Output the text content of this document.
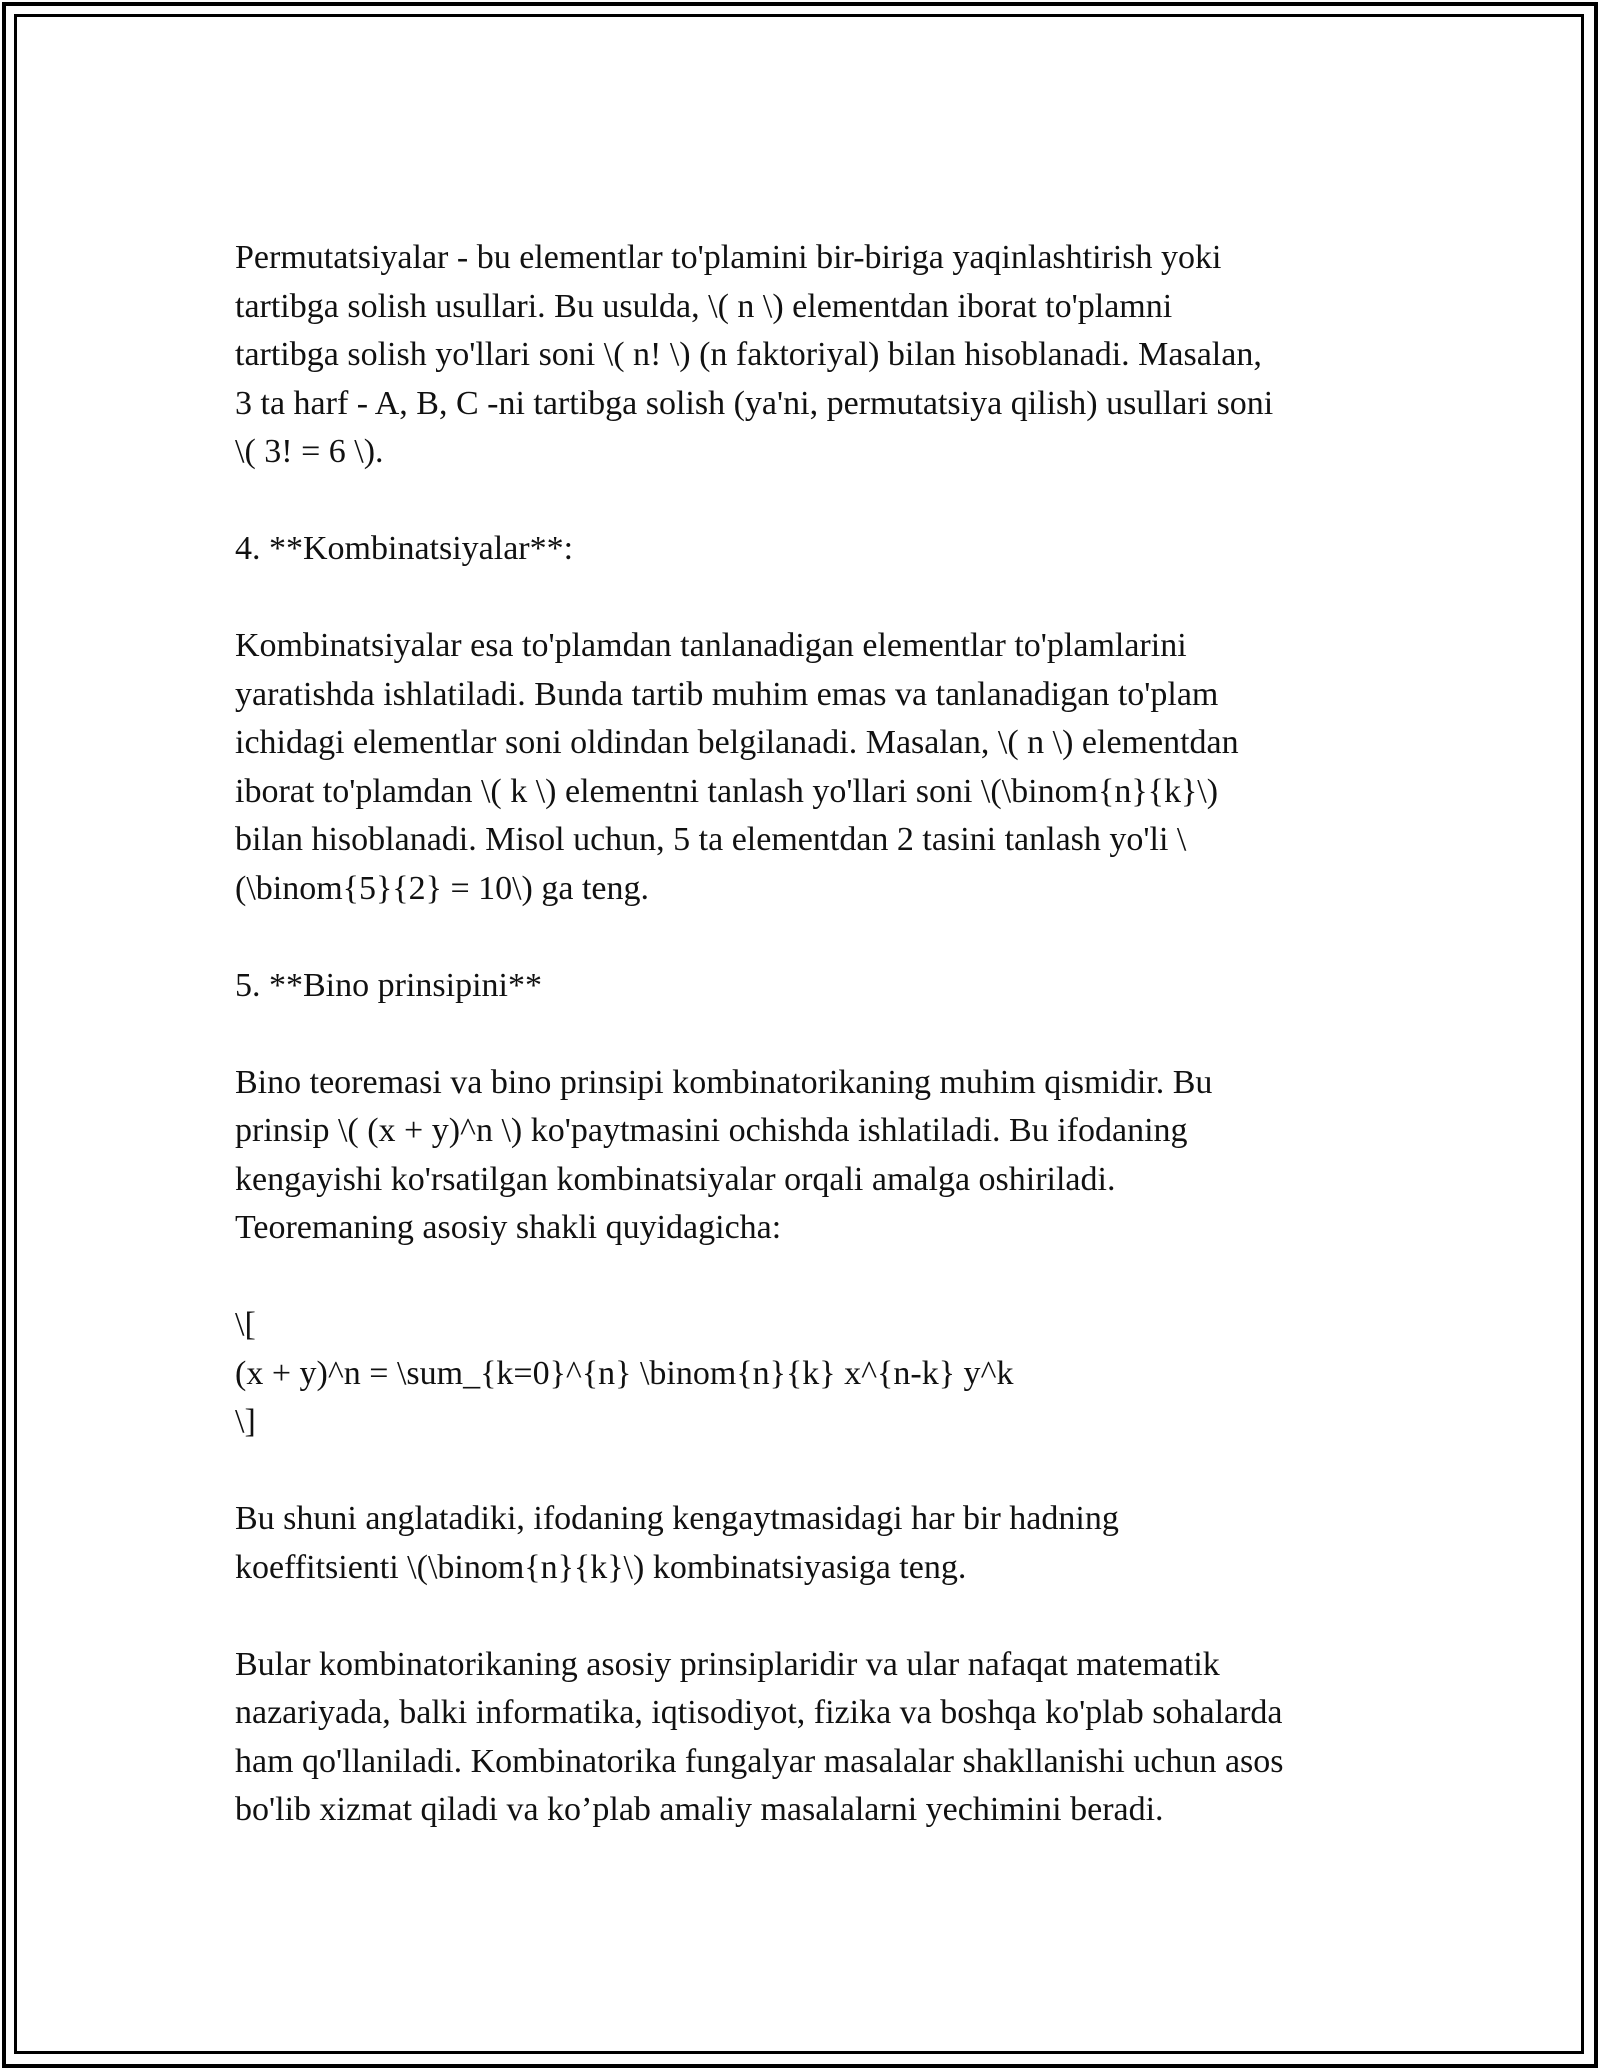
Permutatsiyalar - bu elementlar to'plamini bir-biriga yaqinlashtirish yoki
tartibga solish usullari. Bu usulda, \( n \) elementdan iborat to'plamni
tartibga solish yo'llari soni \( n! \) (n faktoriyal) bilan hisoblanadi. Masalan,
3 ta harf - A, B, C -ni tartibga solish (ya'ni, permutatsiya qilish) usullari soni
\( 3! = 6 \).

4. **Kombinatsiyalar**:

Kombinatsiyalar esa to'plamdan tanlanadigan elementlar to'plamlarini
yaratishda ishlatiladi. Bunda tartib muhim emas va tanlanadigan to'plam
ichidagi elementlar soni oldindan belgilanadi. Masalan, \( n \) elementdan
iborat to'plamdan \( k \) elementni tanlash yo'llari soni \(\binom{n}{k}\)
bilan hisoblanadi. Misol uchun, 5 ta elementdan 2 tasini tanlash yo'li \
(\binom{5}{2} = 10\) ga teng.

5. **Bino prinsipini**

Bino teoremasi va bino prinsipi kombinatorikaning muhim qismidir. Bu
prinsip \( (x + y)^n \) ko'paytmasini ochishda ishlatiladi. Bu ifodaning
kengayishi ko'rsatilgan kombinatsiyalar orqali amalga oshiriladi.
Teoremaning asosiy shakli quyidagicha:

\[
(x + y)^n = \sum_{k=0}^{n} \binom{n}{k} x^{n-k} y^k
\]

Bu shuni anglatadiki, ifodaning kengaytmasidagi har bir hadning
koeffitsienti \(\binom{n}{k}\) kombinatsiyasiga teng.

Bular kombinatorikaning asosiy prinsiplaridir va ular nafaqat matematik
nazariyada, balki informatika, iqtisodiyot, fizika va boshqa ko'plab sohalarda
ham qo'llaniladi. Kombinatorika fungalyar masalalar shakllanishi uchun asos
bo'lib xizmat qiladi va ko’plab amaliy masalalarni yechimini beradi.
